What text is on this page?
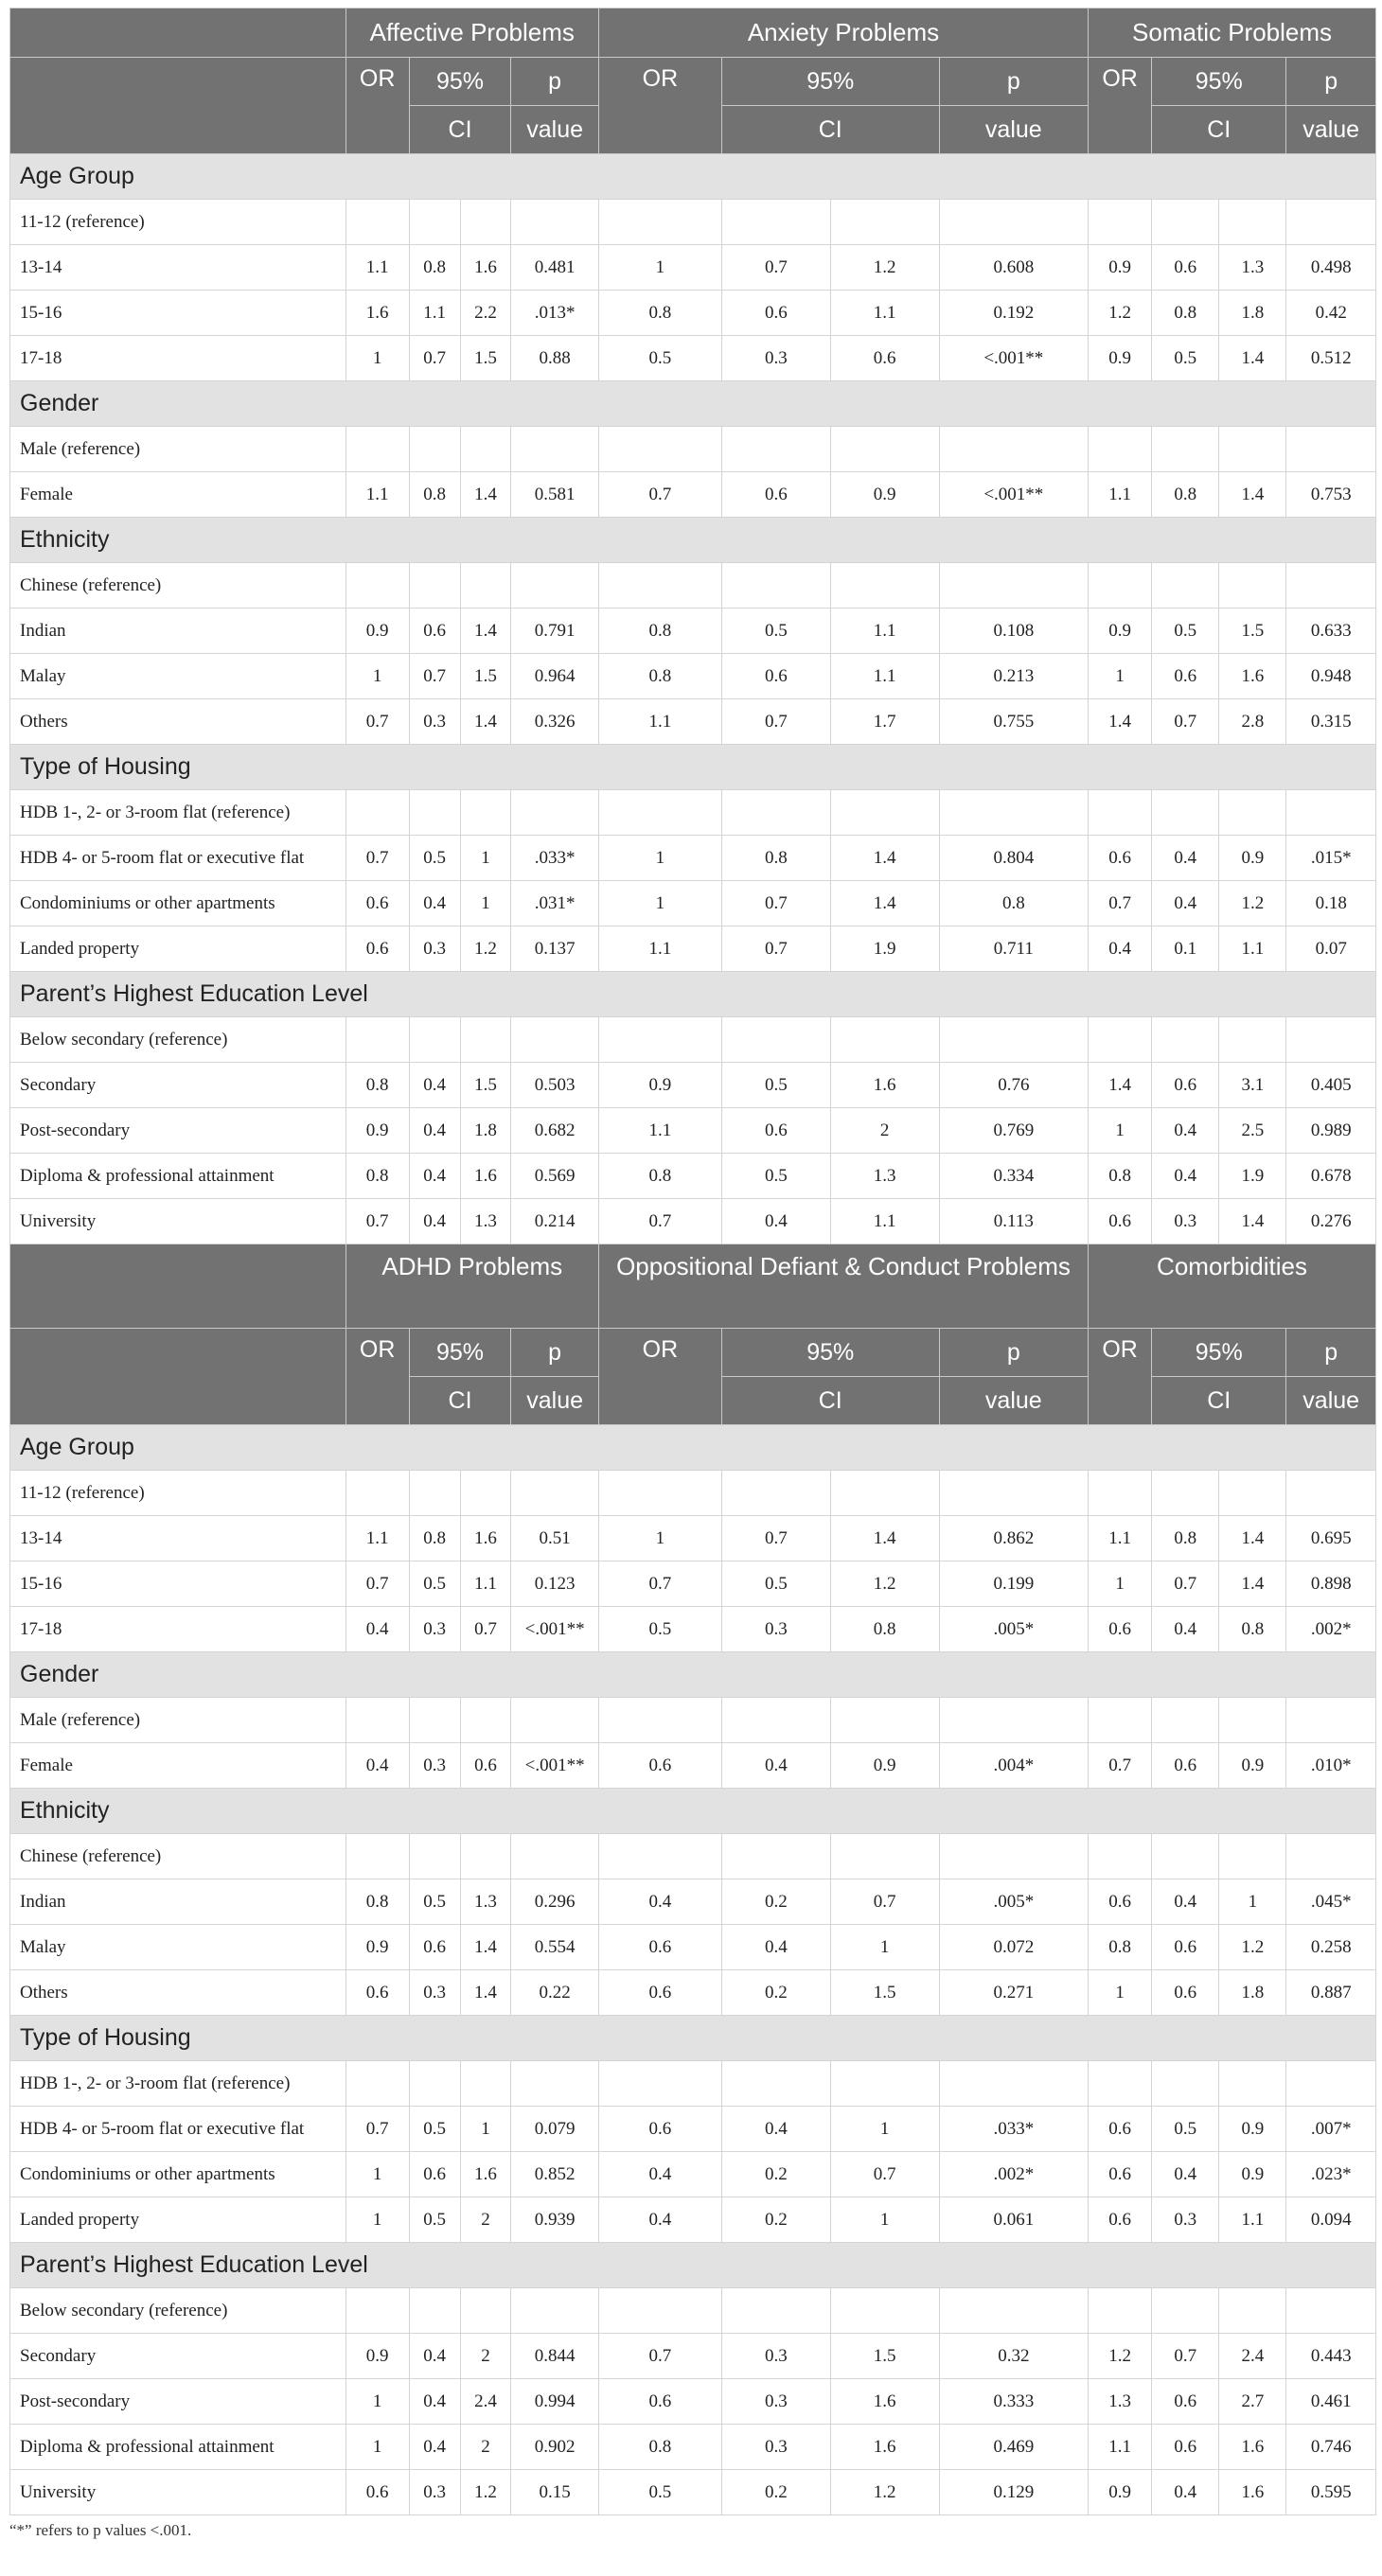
	Affective Problems				Anxiety Problems				Somatic Problems			
	OR	95%		p	OR	95%		p	OR	95%		p
		CI		value		CI		value		CI		value
Age Group												
11-12 (reference)												
13-14	1.1	0.8	1.6	0.481	1	0.7	1.2	0.608	0.9	0.6	1.3	0.498
15-16	1.6	1.1	2.2	.013*	0.8	0.6	1.1	0.192	1.2	0.8	1.8	0.42
17-18	1	0.7	1.5	0.88	0.5	0.3	0.6	<.001**	0.9	0.5	1.4	0.512
Gender												
Male (reference)												
Female	1.1	0.8	1.4	0.581	0.7	0.6	0.9	<.001**	1.1	0.8	1.4	0.753
Ethnicity												
Chinese (reference)												
Indian	0.9	0.6	1.4	0.791	0.8	0.5	1.1	0.108	0.9	0.5	1.5	0.633
Malay	1	0.7	1.5	0.964	0.8	0.6	1.1	0.213	1	0.6	1.6	0.948
Others	0.7	0.3	1.4	0.326	1.1	0.7	1.7	0.755	1.4	0.7	2.8	0.315
Type of Housing												
HDB 1-, 2- or 3-room flat (reference)												
HDB 4- or 5-room flat or executive flat	0.7	0.5	1	.033*	1	0.8	1.4	0.804	0.6	0.4	0.9	.015*
Condominiums or other apartments	0.6	0.4	1	.031*	1	0.7	1.4	0.8	0.7	0.4	1.2	0.18
Landed property	0.6	0.3	1.2	0.137	1.1	0.7	1.9	0.711	0.4	0.1	1.1	0.07
Parent’s Highest Education Level												
Below secondary (reference)												
Secondary	0.8	0.4	1.5	0.503	0.9	0.5	1.6	0.76	1.4	0.6	3.1	0.405
Post-secondary	0.9	0.4	1.8	0.682	1.1	0.6	2	0.769	1	0.4	2.5	0.989
Diploma & professional attainment	0.8	0.4	1.6	0.569	0.8	0.5	1.3	0.334	0.8	0.4	1.9	0.678
University	0.7	0.4	1.3	0.214	0.7	0.4	1.1	0.113	0.6	0.3	1.4	0.276
	ADHD Problems				Oppositional Defiant & Conduct Problems				Comorbidities			
	OR	95%		p	OR	95%		p	OR	95%		p
		CI		value		CI		value		CI		value
Age Group												
11-12 (reference)												
13-14	1.1	0.8	1.6	0.51	1	0.7	1.4	0.862	1.1	0.8	1.4	0.695
15-16	0.7	0.5	1.1	0.123	0.7	0.5	1.2	0.199	1	0.7	1.4	0.898
17-18	0.4	0.3	0.7	<.001**	0.5	0.3	0.8	.005*	0.6	0.4	0.8	.002*
Gender												
Male (reference)												
Female	0.4	0.3	0.6	<.001**	0.6	0.4	0.9	.004*	0.7	0.6	0.9	.010*
Ethnicity												
Chinese (reference)												
Indian	0.8	0.5	1.3	0.296	0.4	0.2	0.7	.005*	0.6	0.4	1	.045*
Malay	0.9	0.6	1.4	0.554	0.6	0.4	1	0.072	0.8	0.6	1.2	0.258
Others	0.6	0.3	1.4	0.22	0.6	0.2	1.5	0.271	1	0.6	1.8	0.887
Type of Housing												
HDB 1-, 2- or 3-room flat (reference)												
HDB 4- or 5-room flat or executive flat	0.7	0.5	1	0.079	0.6	0.4	1	.033*	0.6	0.5	0.9	.007*
Condominiums or other apartments	1	0.6	1.6	0.852	0.4	0.2	0.7	.002*	0.6	0.4	0.9	.023*
Landed property	1	0.5	2	0.939	0.4	0.2	1	0.061	0.6	0.3	1.1	0.094
Parent’s Highest Education Level												
Below secondary (reference)												
Secondary	0.9	0.4	2	0.844	0.7	0.3	1.5	0.32	1.2	0.7	2.4	0.443
Post-secondary	1	0.4	2.4	0.994	0.6	0.3	1.6	0.333	1.3	0.6	2.7	0.461
Diploma & professional attainment	1	0.4	2	0.902	0.8	0.3	1.6	0.469	1.1	0.6	1.6	0.746
University	0.6	0.3	1.2	0.15	0.5	0.2	1.2	0.129	0.9	0.4	1.6	0.595
“*” refers to p values <.001.
